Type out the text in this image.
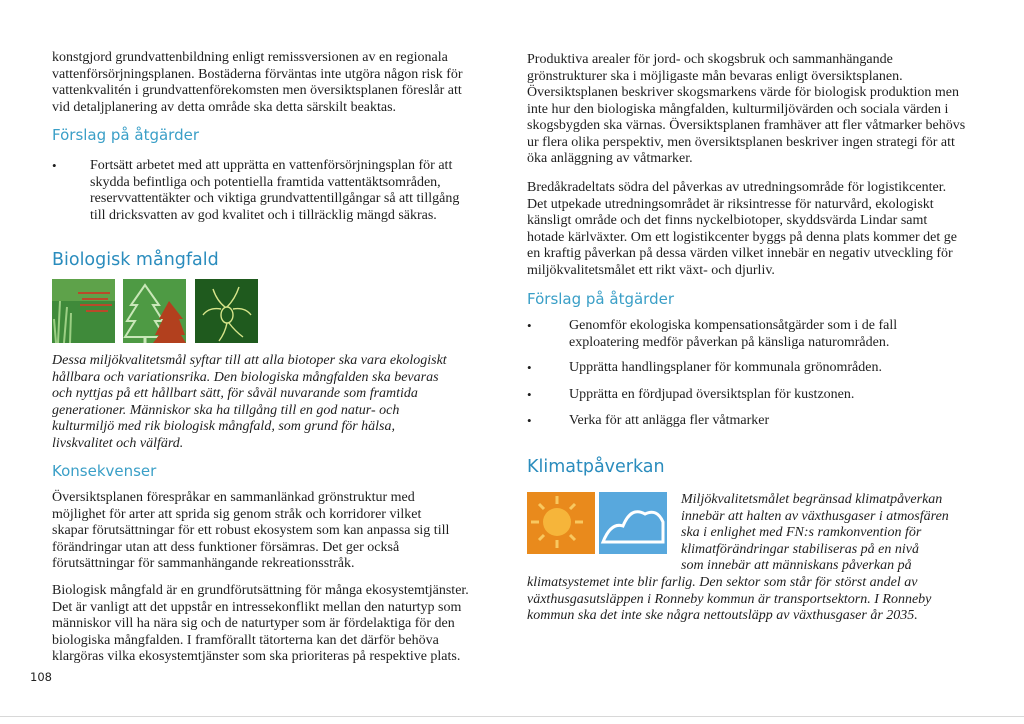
konstgjord grundvattenbildning enligt remissversionen av en regionala vattenförsörjningsplanen. Bostäderna förväntas inte utgöra någon risk för vattenkvalitén i grundvattenförekomsten men översiktsplanen föreslår att vid detaljplanering av detta område ska detta särskilt beaktas.

Förslag på åtgärder
•	Fortsätt arbetet med att upprätta en vattenförsörjningsplan för att skydda befintliga och potentiella framtida vattentäktsområden, reservvattentäkter och viktiga grundvattentillgångar så att tillgång till dricksvatten av god kvalitet och i tillräcklig mängd säkras.
Biologisk mångfald

Dessa miljökvalitetsmål syftar till att alla biotoper ska vara ekologiskt hållbara och variationsrika. Den biologiska mångfalden ska bevaras och nyttjas på ett hållbart sätt, för såväl nuvarande som framtida generationer. Människor ska ha tillgång till en god natur- och kulturmiljö med rik biologisk mångfald, som grund för hälsa, livskvalitet och välfärd.

Konsekvenser

Översiktsplanen förespråkar en sammanlänkad grönstruktur med möjlighet för arter att sprida sig genom stråk och korridorer vilket skapar förutsättningar för ett robust ekosystem som kan anpassa sig till förändringar utan att dess funktioner försämras. Det ger också förutsättningar för sammanhängande rekreationsstråk.

Biologisk mångfald är en grundförutsättning för många ekosystemtjänster. Det är vanligt att det uppstår en intressekonflikt mellan den naturtyp som människor vill ha nära sig och de naturtyper som är fördelaktiga för den biologiska mångfalden. I framförallt tätorterna kan det därför behöva klargöras vilka ekosystemtjänster som ska prioriteras på respektive plats.

108

Produktiva arealer för jord- och skogsbruk och sammanhängande grönstrukturer ska i möjligaste mån bevaras enligt översiktsplanen. Översiktsplanen beskriver skogsmarkens värde för biologisk produktion men inte hur den biologiska mångfalden, kulturmiljövärden och sociala värden i skogsbygden ska värnas. Översiktsplanen framhäver att fler våtmarker behövs ur flera olika perspektiv, men översiktsplanen beskriver ingen strategi för att öka anläggning av våtmarker.

Bredåkradeltats södra del påverkas av utredningsområde för logistikcenter. Det utpekade utredningsområdet är riksintresse för naturvård, ekologiskt känsligt område och det finns nyckelbiotoper, skyddsvärda Lindar samt hotade kärlväxter. Om ett logistikcenter byggs på denna plats kommer det ge en kraftig påverkan på dessa värden vilket innebär en negativ utveckling för miljökvalitetsmålet ett rikt växt- och djurliv.

Förslag på åtgärder
•	Genomför ekologiska kompensationsåtgärder som i de fall exploatering medför påverkan på känsliga naturområden.
•	Upprätta handlingsplaner för kommunala grönområden.
•	Upprätta en fördjupad översiktsplan för kustzonen.
•	Verka för att anlägga fler våtmarker
Klimatpåverkan
Miljökvalitetsmålet begränsad klimatpåverkan
innebär att halten av växthusgaser i atmosfären
ska i enlighet med FN:s ramkonvention för
klimatförändringar stabiliseras på en nivå
som innebär att människans påverkan på

klimatsystemet inte blir farlig. Den sektor som står för störst andel av växthusgasutsläppen i Ronneby kommun är transportsektorn. I Ronneby kommun ska det inte ske några nettoutsläpp av växthusgaser år 2035.
